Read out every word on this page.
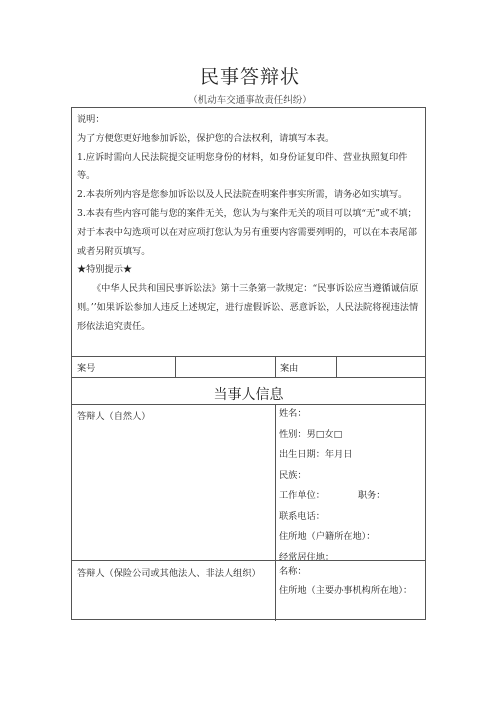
民事答辩状
（机动车交通事故责任纠纷）

说明：

为了方便您更好地参加诉讼，保护您的合法权利，请填写本表。

1.应诉时需向人民法院提交证明您身份的材料，如身份证复印件、营业执照复印件等。

2.本表所列内容是您参加诉讼以及人民法院查明案件事实所需，请务必如实填写。

3.本表有些内容可能与您的案件无关，您认为与案件无关的项目可以填“无”或不填；对于本表中勾选项可以在对应项打您认为另有重要内容需要列明的，可以在本表尾部或者另附页填写。

★特别提示★

《中华人民共和国民事诉讼法》第十三条第一款规定：“民事诉讼应当遵循诚信原则。’’如果诉讼参加人违反上述规定，进行虚假诉讼、恶意诉讼，人民法院将视违法情形依法追究责任。

案号	案由
当事人信息
答辩人（自然人）	姓名：
性别：男□女□
出生日期：年月日
民族：
工作单位：	职务：
联系电话：
住所地（户籍所在地）：
经常居住地：
答辩人（保险公司或其他法人、非法人组织）	名称：
住所地（主要办事机构所在地）：
